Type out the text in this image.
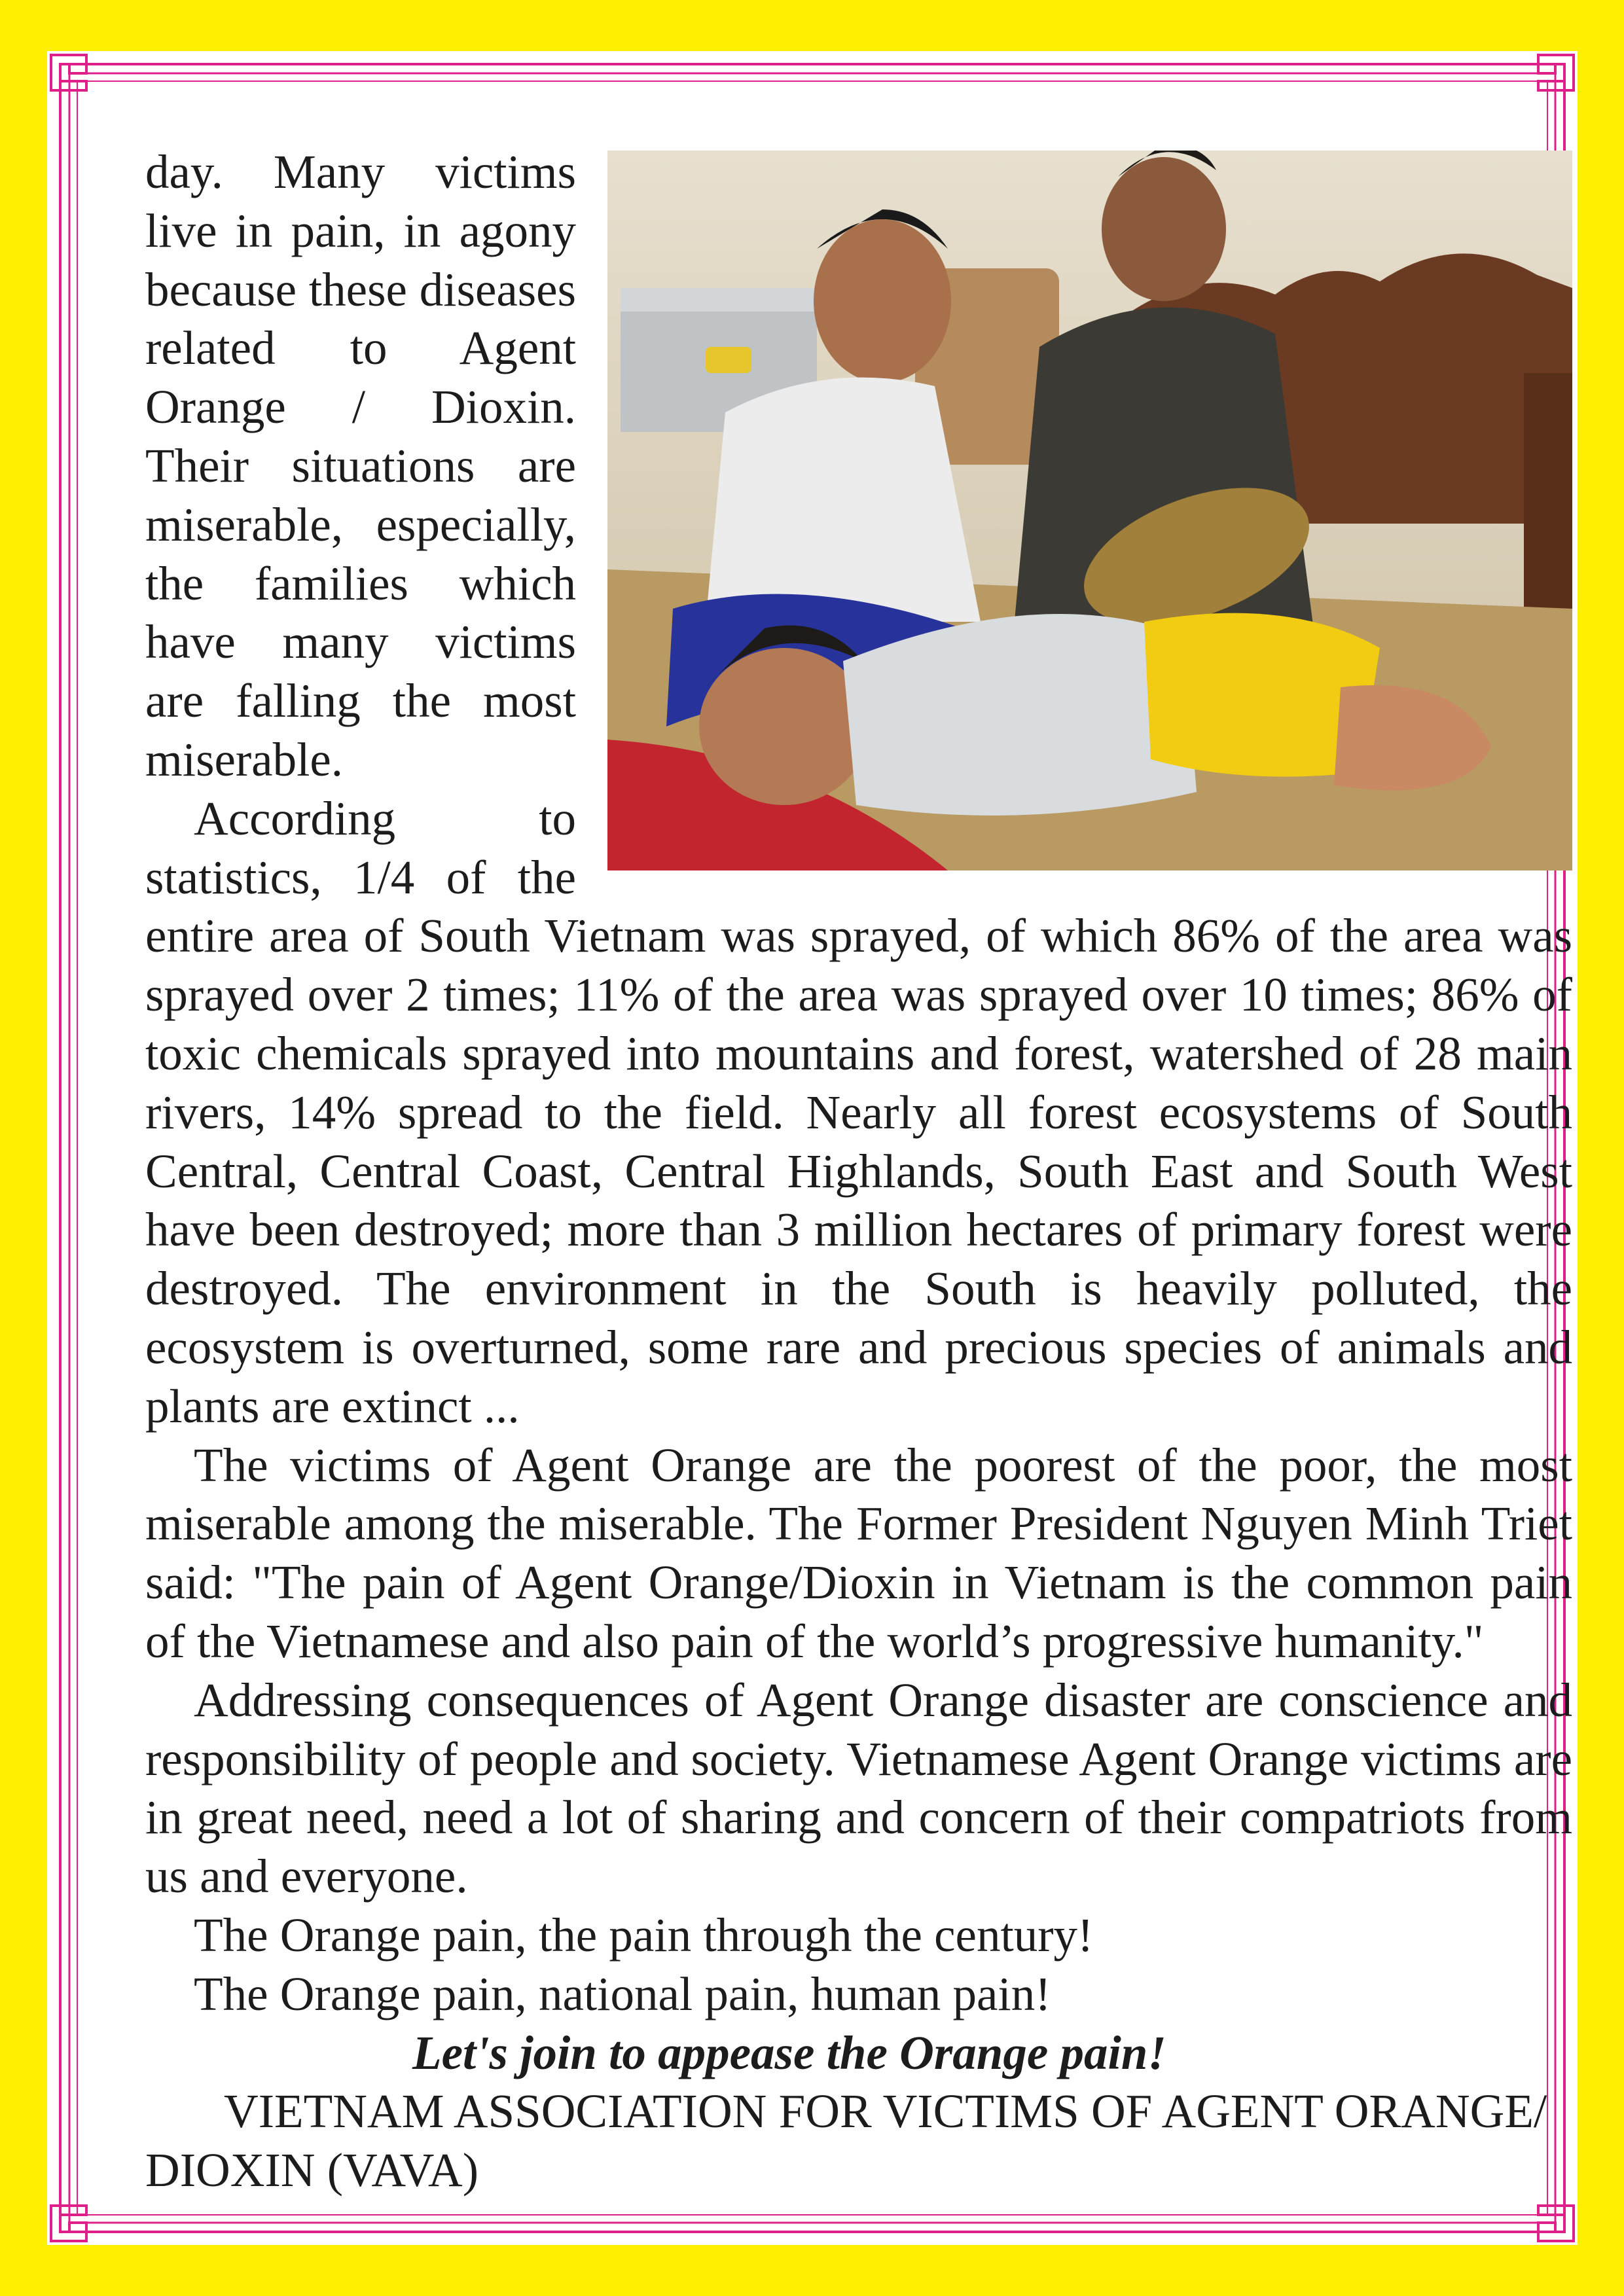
day. Many victims live in pain, in agony because these diseases related to Agent Orange / Dioxin. Their situations are miserable, especially, the families which have many victims are falling the most miserable.

According to statistics, 1/4 of the entire area of South Vietnam was sprayed, of which 86% of the area was sprayed over 2 times; 11% of the area was sprayed over 10 times; 86% of toxic chemicals sprayed into mountains and forest, watershed of 28 main rivers, 14% spread to the field. Nearly all forest ecosystems of South Central, Central Coast, Central Highlands, South East and South West have been destroyed; more than 3 million hectares of primary forest were destroyed. The environment in the South is heavily polluted, the ecosystem is overturned, some rare and precious species of animals and plants are extinct ...

The victims of Agent Orange are the poorest of the poor, the most miserable among the miserable. The Former President Nguyen Minh Triet said: "The pain of Agent Orange/Dioxin in Vietnam is the common pain of the Vietnamese and also pain of the world’s progressive humanity."

Addressing consequences of Agent Orange disaster are conscience and responsibility of people and society. Vietnamese Agent Orange victims are in great need, need a lot of sharing and concern of their compatriots from us and everyone.

The Orange pain, the pain through the century!

The Orange pain, national pain, human pain!

Let's join to appease the Orange pain!

VIETNAM ASSOCIATION FOR VICTIMS OF AGENT ORANGE/ DIOXIN (VAVA)
